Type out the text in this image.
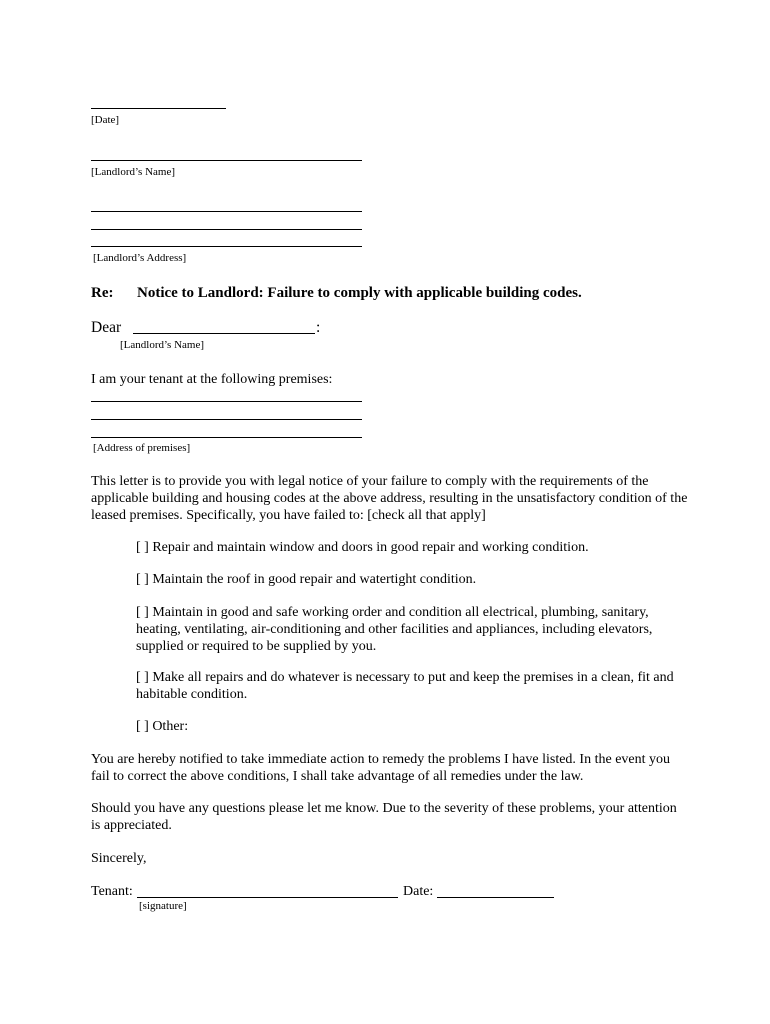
[Date]
[Landlord’s Name]
[Landlord’s Address]
Re: Notice to Landlord: Failure to comply with applicable building codes.
Dear	:
[Landlord’s Name]
I am your tenant at the following premises:
[Address of premises]
This letter is to provide you with legal notice of your failure to comply with the requirements of the
applicable building and housing codes at the above address, resulting in the unsatisfactory condition of the
leased premises. Specifically, you have failed to: [check all that apply]
[ ] Repair and maintain window and doors in good repair and working condition.
[ ] Maintain the roof in good repair and watertight condition.
[ ] Maintain in good and safe working order and condition all electrical, plumbing, sanitary,
heating, ventilating, air-conditioning and other facilities and appliances, including elevators,
supplied or required to be supplied by you.
[ ] Make all repairs and do whatever is necessary to put and keep the premises in a clean, fit and
habitable condition.
[ ] Other:
You are hereby notified to take immediate action to remedy the problems I have listed. In the event you
fail to correct the above conditions, I shall take advantage of all remedies under the law.
Should you have any questions please let me know. Due to the severity of these problems, your attention
is appreciated.
Sincerely,
Tenant:	Date:
[signature]
